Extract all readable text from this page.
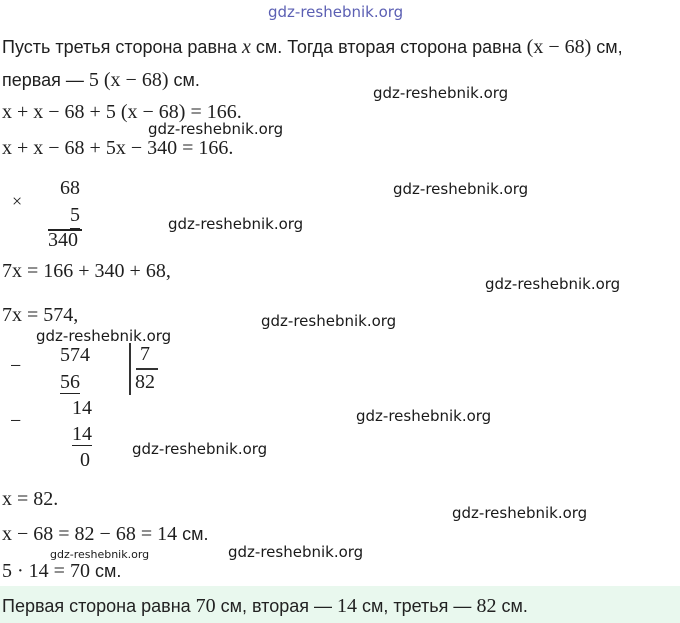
gdz-reshebnik.org
Пусть третья сторона равна x см. Тогда вторая сторона равна (x − 68) см,
первая — 5 (x − 68) см.
x + x − 68 + 5 (x − 68) = 166.
x + x − 68 + 5x − 340 = 166.
×
68
5
340
7x = 166 + 340 + 68,
7x = 574,
− 574
56
7
82
−
14
14
0
x = 82.
x − 68 = 82 − 68 = 14 см.
5 · 14 = 70 см.
Первая сторона равна 70 см, вторая — 14 см, третья — 82 см.
gdz-reshebnik.org
gdz-reshebnik.org
gdz-reshebnik.org
gdz-reshebnik.org
gdz-reshebnik.org
gdz-reshebnik.org
gdz-reshebnik.org
gdz-reshebnik.org
gdz-reshebnik.org
gdz-reshebnik.org
gdz-reshebnik.org
gdz-reshebnik.org
